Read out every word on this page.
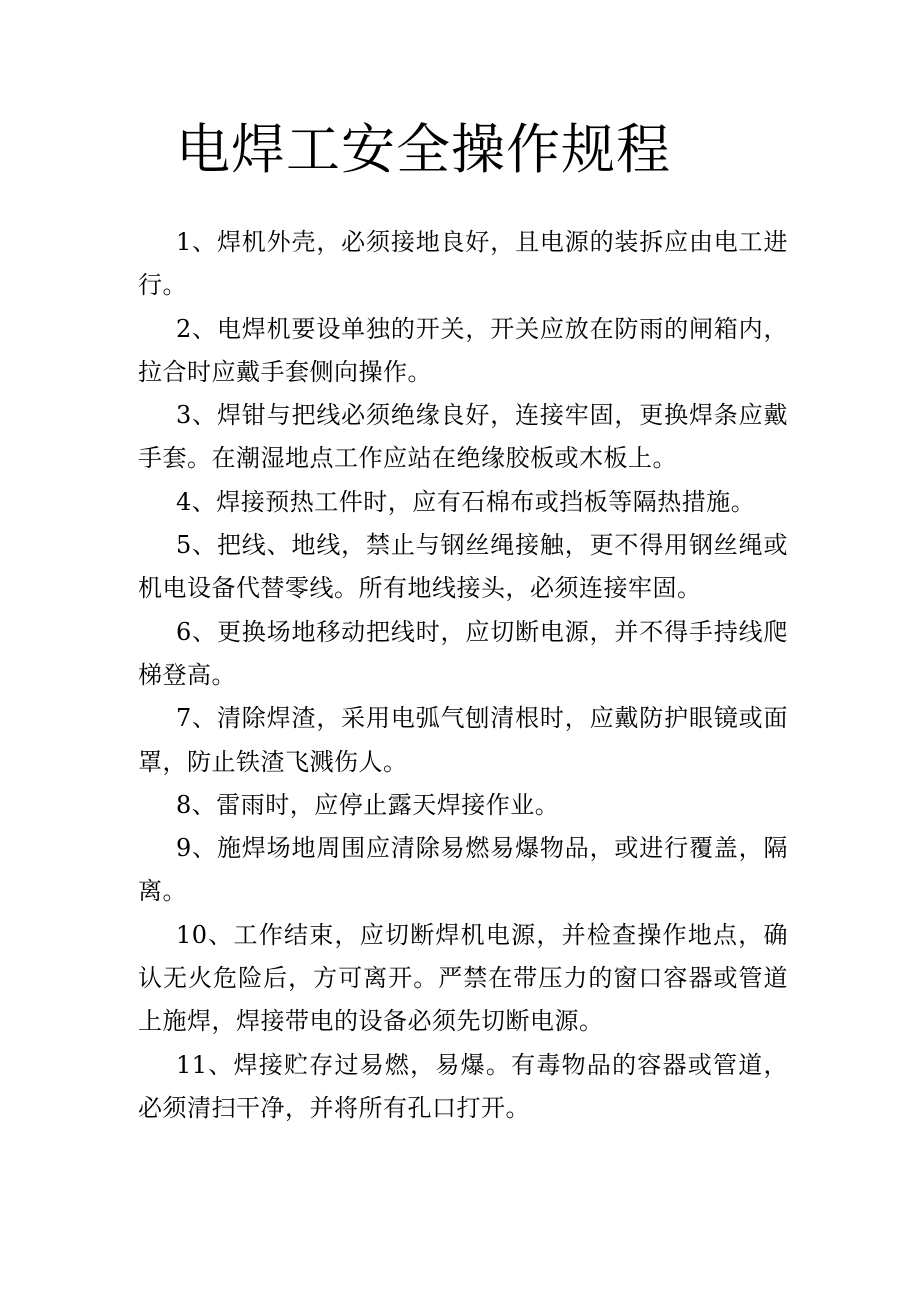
电焊工安全操作规程

1、焊机外壳，必须接地良好，且电源的装拆应由电工进行。

2、电焊机要设单独的开关，开关应放在防雨的闸箱内，拉合时应戴手套侧向操作。

3、焊钳与把线必须绝缘良好，连接牢固，更换焊条应戴手套。在潮湿地点工作应站在绝缘胶板或木板上。

4、焊接预热工件时，应有石棉布或挡板等隔热措施。

5、把线、地线，禁止与钢丝绳接触，更不得用钢丝绳或机电设备代替零线。所有地线接头，必须连接牢固。

6、更换场地移动把线时，应切断电源，并不得手持线爬梯登高。

7、清除焊渣，采用电弧气刨清根时，应戴防护眼镜或面罩，防止铁渣飞溅伤人。

8、雷雨时，应停止露天焊接作业。

9、施焊场地周围应清除易燃易爆物品，或进行覆盖，隔离。

10、工作结束，应切断焊机电源，并检查操作地点，确认无火危险后，方可离开。严禁在带压力的窗口容器或管道上施焊，焊接带电的设备必须先切断电源。

11、焊接贮存过易燃，易爆。有毒物品的容器或管道，必须清扫干净，并将所有孔口打开。
